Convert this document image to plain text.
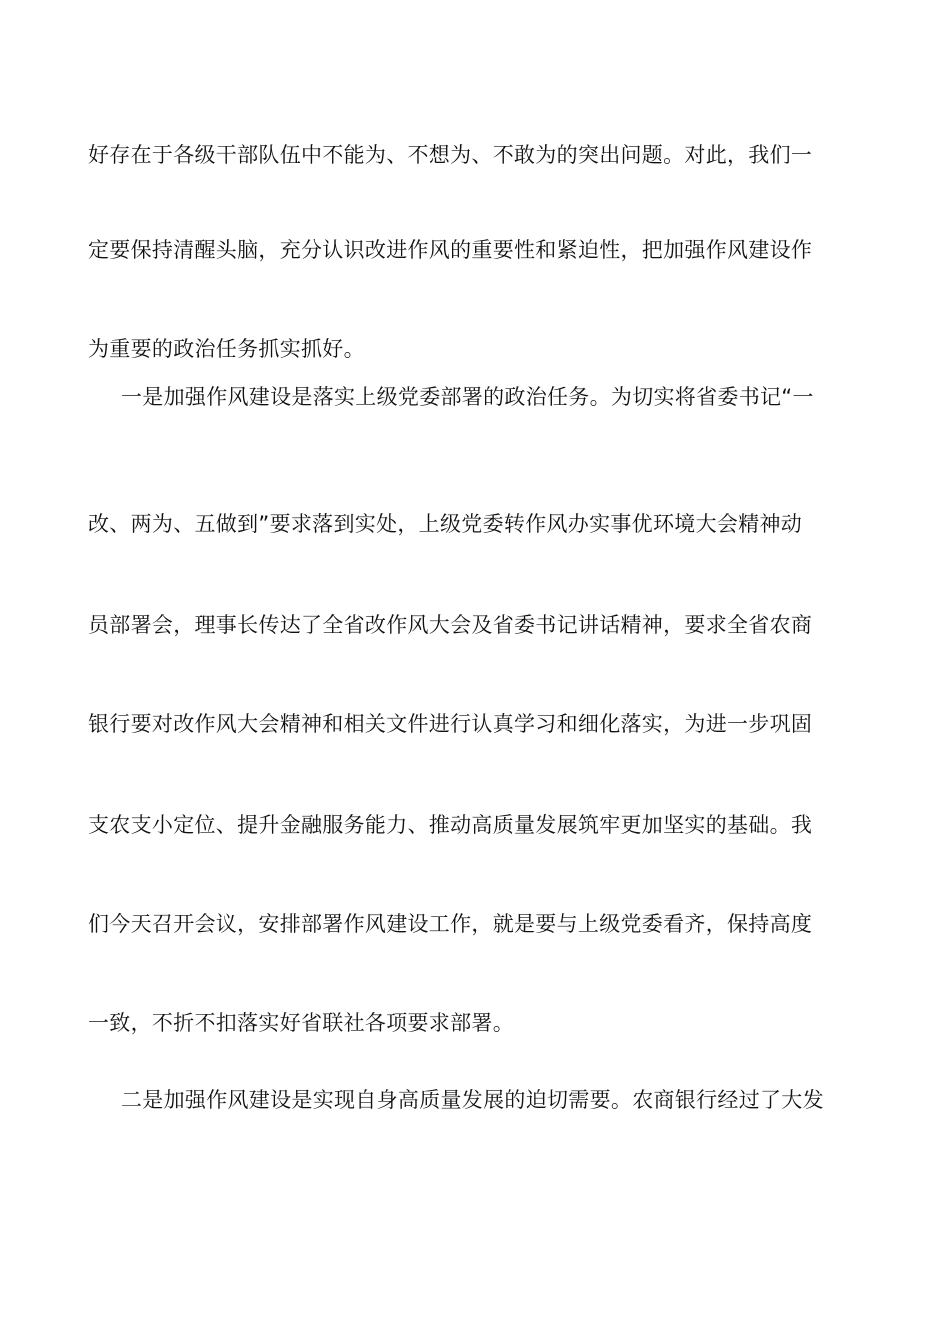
好存在于各级干部队伍中不能为、不想为、不敢为的突出问题。对此，我们一
定要保持清醒头脑，充分认识改进作风的重要性和紧迫性，把加强作风建设作
为重要的政治任务抓实抓好。
一是加强作风建设是落实上级党委部署的政治任务。为切实将省委书记“一
改、两为、五做到”要求落到实处，上级党委转作风办实事优环境大会精神动
员部署会，理事长传达了全省改作风大会及省委书记讲话精神，要求全省农商
银行要对改作风大会精神和相关文件进行认真学习和细化落实，为进一步巩固
支农支小定位、提升金融服务能力、推动高质量发展筑牢更加坚实的基础。我
们今天召开会议，安排部署作风建设工作，就是要与上级党委看齐，保持高度
一致，不折不扣落实好省联社各项要求部署。
二是加强作风建设是实现自身高质量发展的迫切需要。农商银行经过了大发
